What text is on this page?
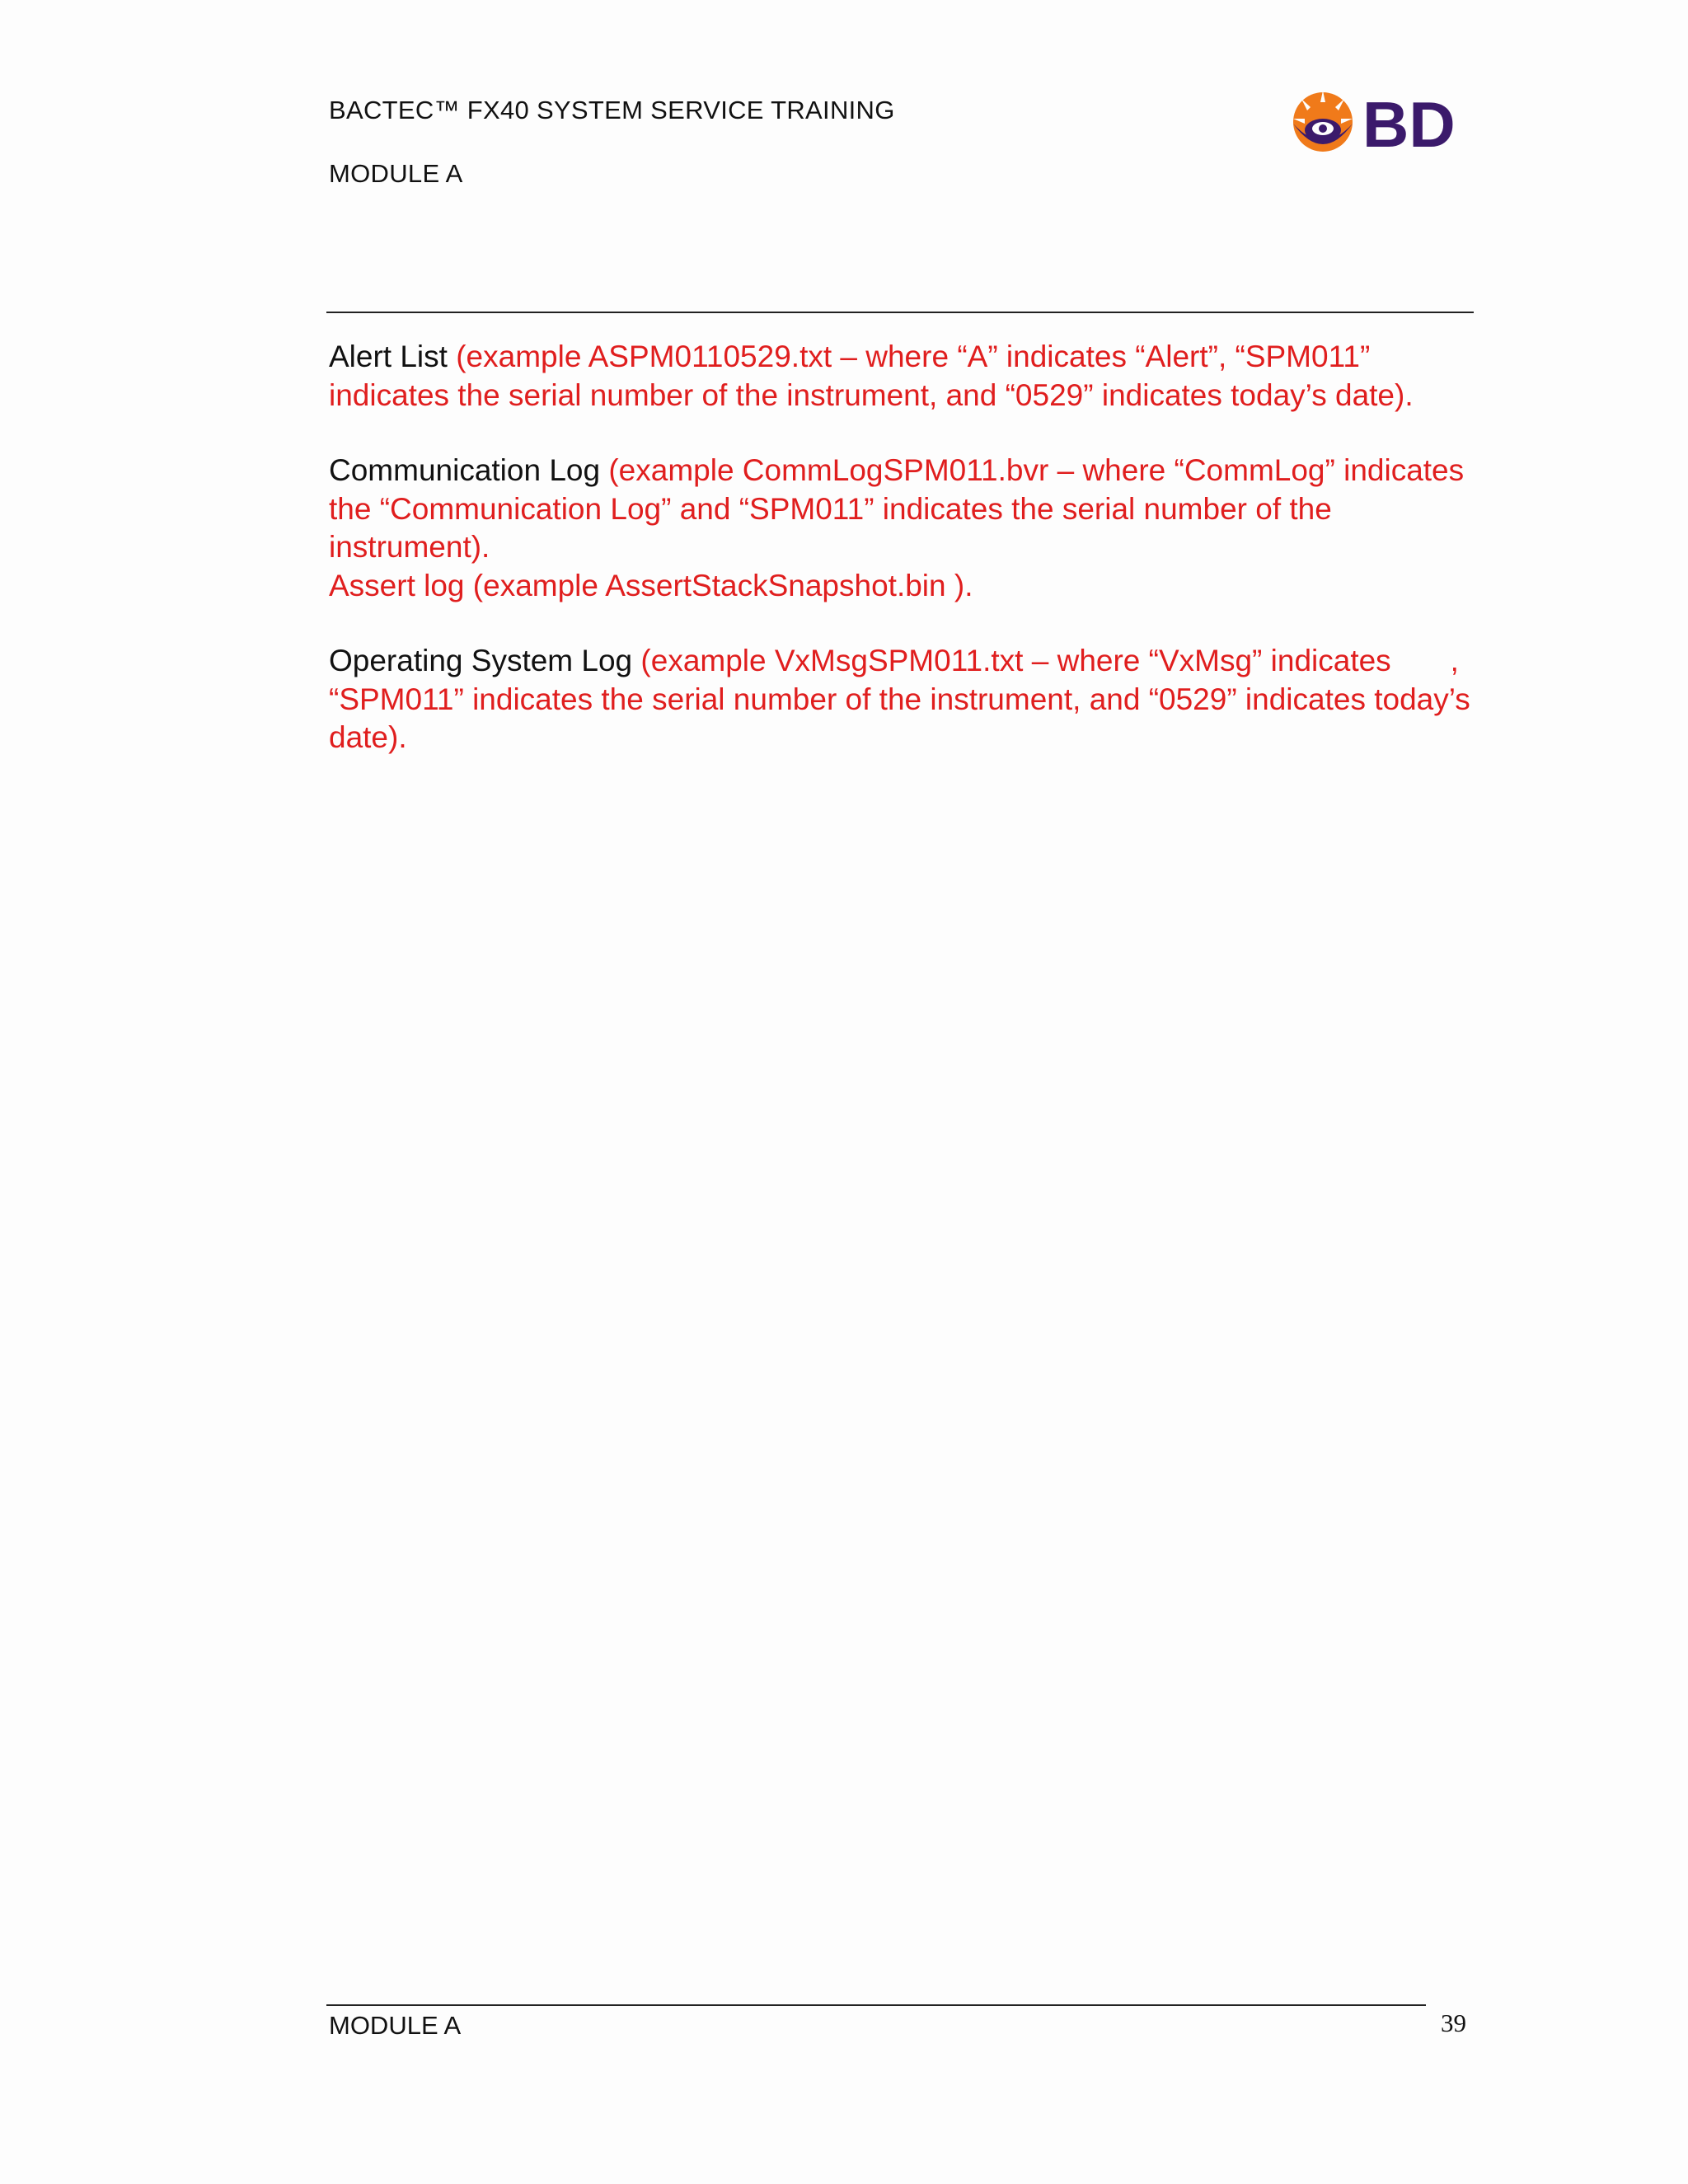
BACTEC™ FX40 SYSTEM SERVICE TRAINING
MODULE A
BD

Alert List (example ASPM0110529.txt – where “A” indicates “Alert”, “SPM011” indicates the serial number of the instrument, and “0529” indicates today’s date).

Communication Log (example CommLogSPM011.bvr – where “CommLog” indicates the “Communication Log” and “SPM011” indicates the serial number of the instrument).

Assert log (example AssertStackSnapshot.bin ).

Operating System Log (example VxMsgSPM011.txt – where “VxMsg” indicates       , “SPM011” indicates the serial number of the instrument, and “0529” indicates today’s date).

MODULE A	39
